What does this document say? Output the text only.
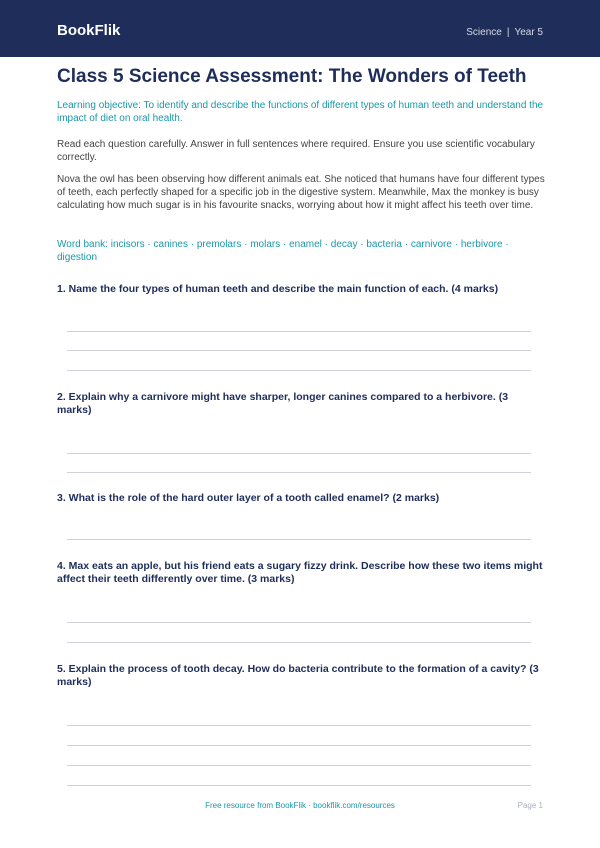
BookFlik	Science | Year 5
Class 5 Science Assessment: The Wonders of Teeth

Learning objective: To identify and describe the functions of different types of human teeth and understand the impact of diet on oral health.

Read each question carefully. Answer in full sentences where required. Ensure you use scientific vocabulary correctly.

Nova the owl has been observing how different animals eat. She noticed that humans have four different types of teeth, each perfectly shaped for a specific job in the digestive system. Meanwhile, Max the monkey is busy calculating how much sugar is in his favourite snacks, worrying about how it might affect his teeth over time.

Word bank: incisors · canines · premolars · molars · enamel · decay · bacteria · carnivore · herbivore · digestion

1. Name the four types of human teeth and describe the main function of each. (4 marks)

2. Explain why a carnivore might have sharper, longer canines compared to a herbivore. (3 marks)

3. What is the role of the hard outer layer of a tooth called enamel? (2 marks)

4. Max eats an apple, but his friend eats a sugary fizzy drink. Describe how these two items might affect their teeth differently over time. (3 marks)

5. Explain the process of tooth decay. How do bacteria contribute to the formation of a cavity? (3 marks)

Free resource from BookFlik · bookflik.com/resources	Page 1
